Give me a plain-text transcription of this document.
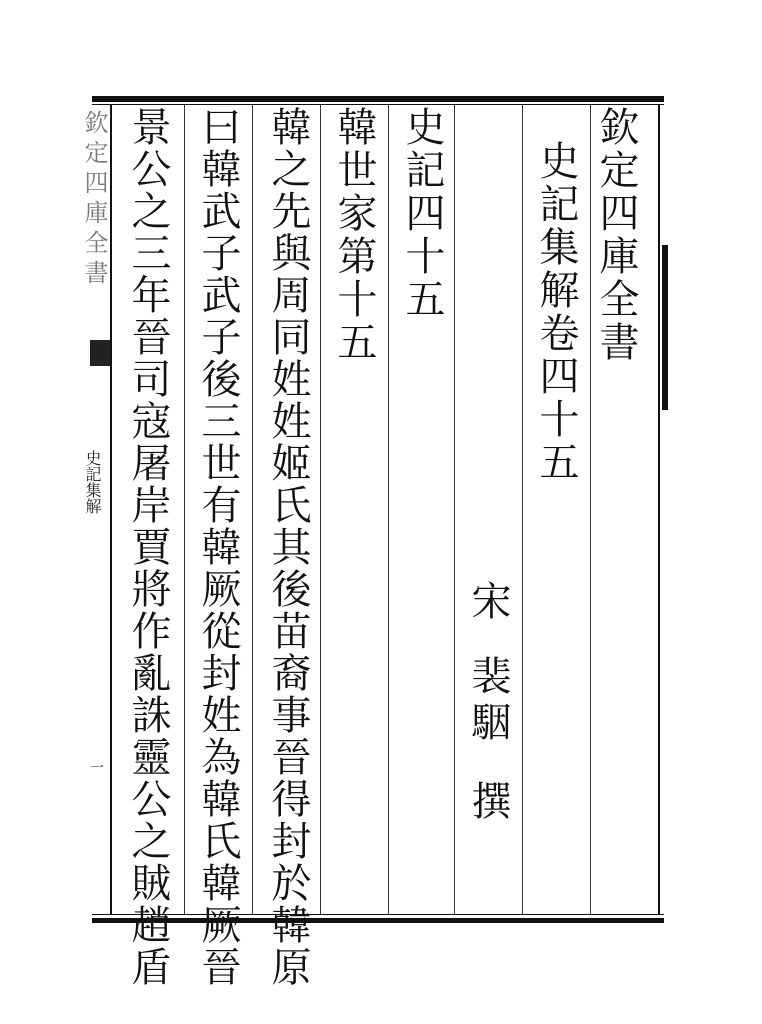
欽定四庫全書
史記集解卷四十五
宋
裴駰
撰
史記四十五
韓世家第十五
韓之先與周同姓姓姬氏其後苗裔事晉得封於韓原
曰韓武子武子後三世有韓厥從封姓為韓氏韓厥晉
景公之三年晉司寇屠岸賈將作亂誅靈公之賊趙盾
欽定四庫全書
史記集解
一
